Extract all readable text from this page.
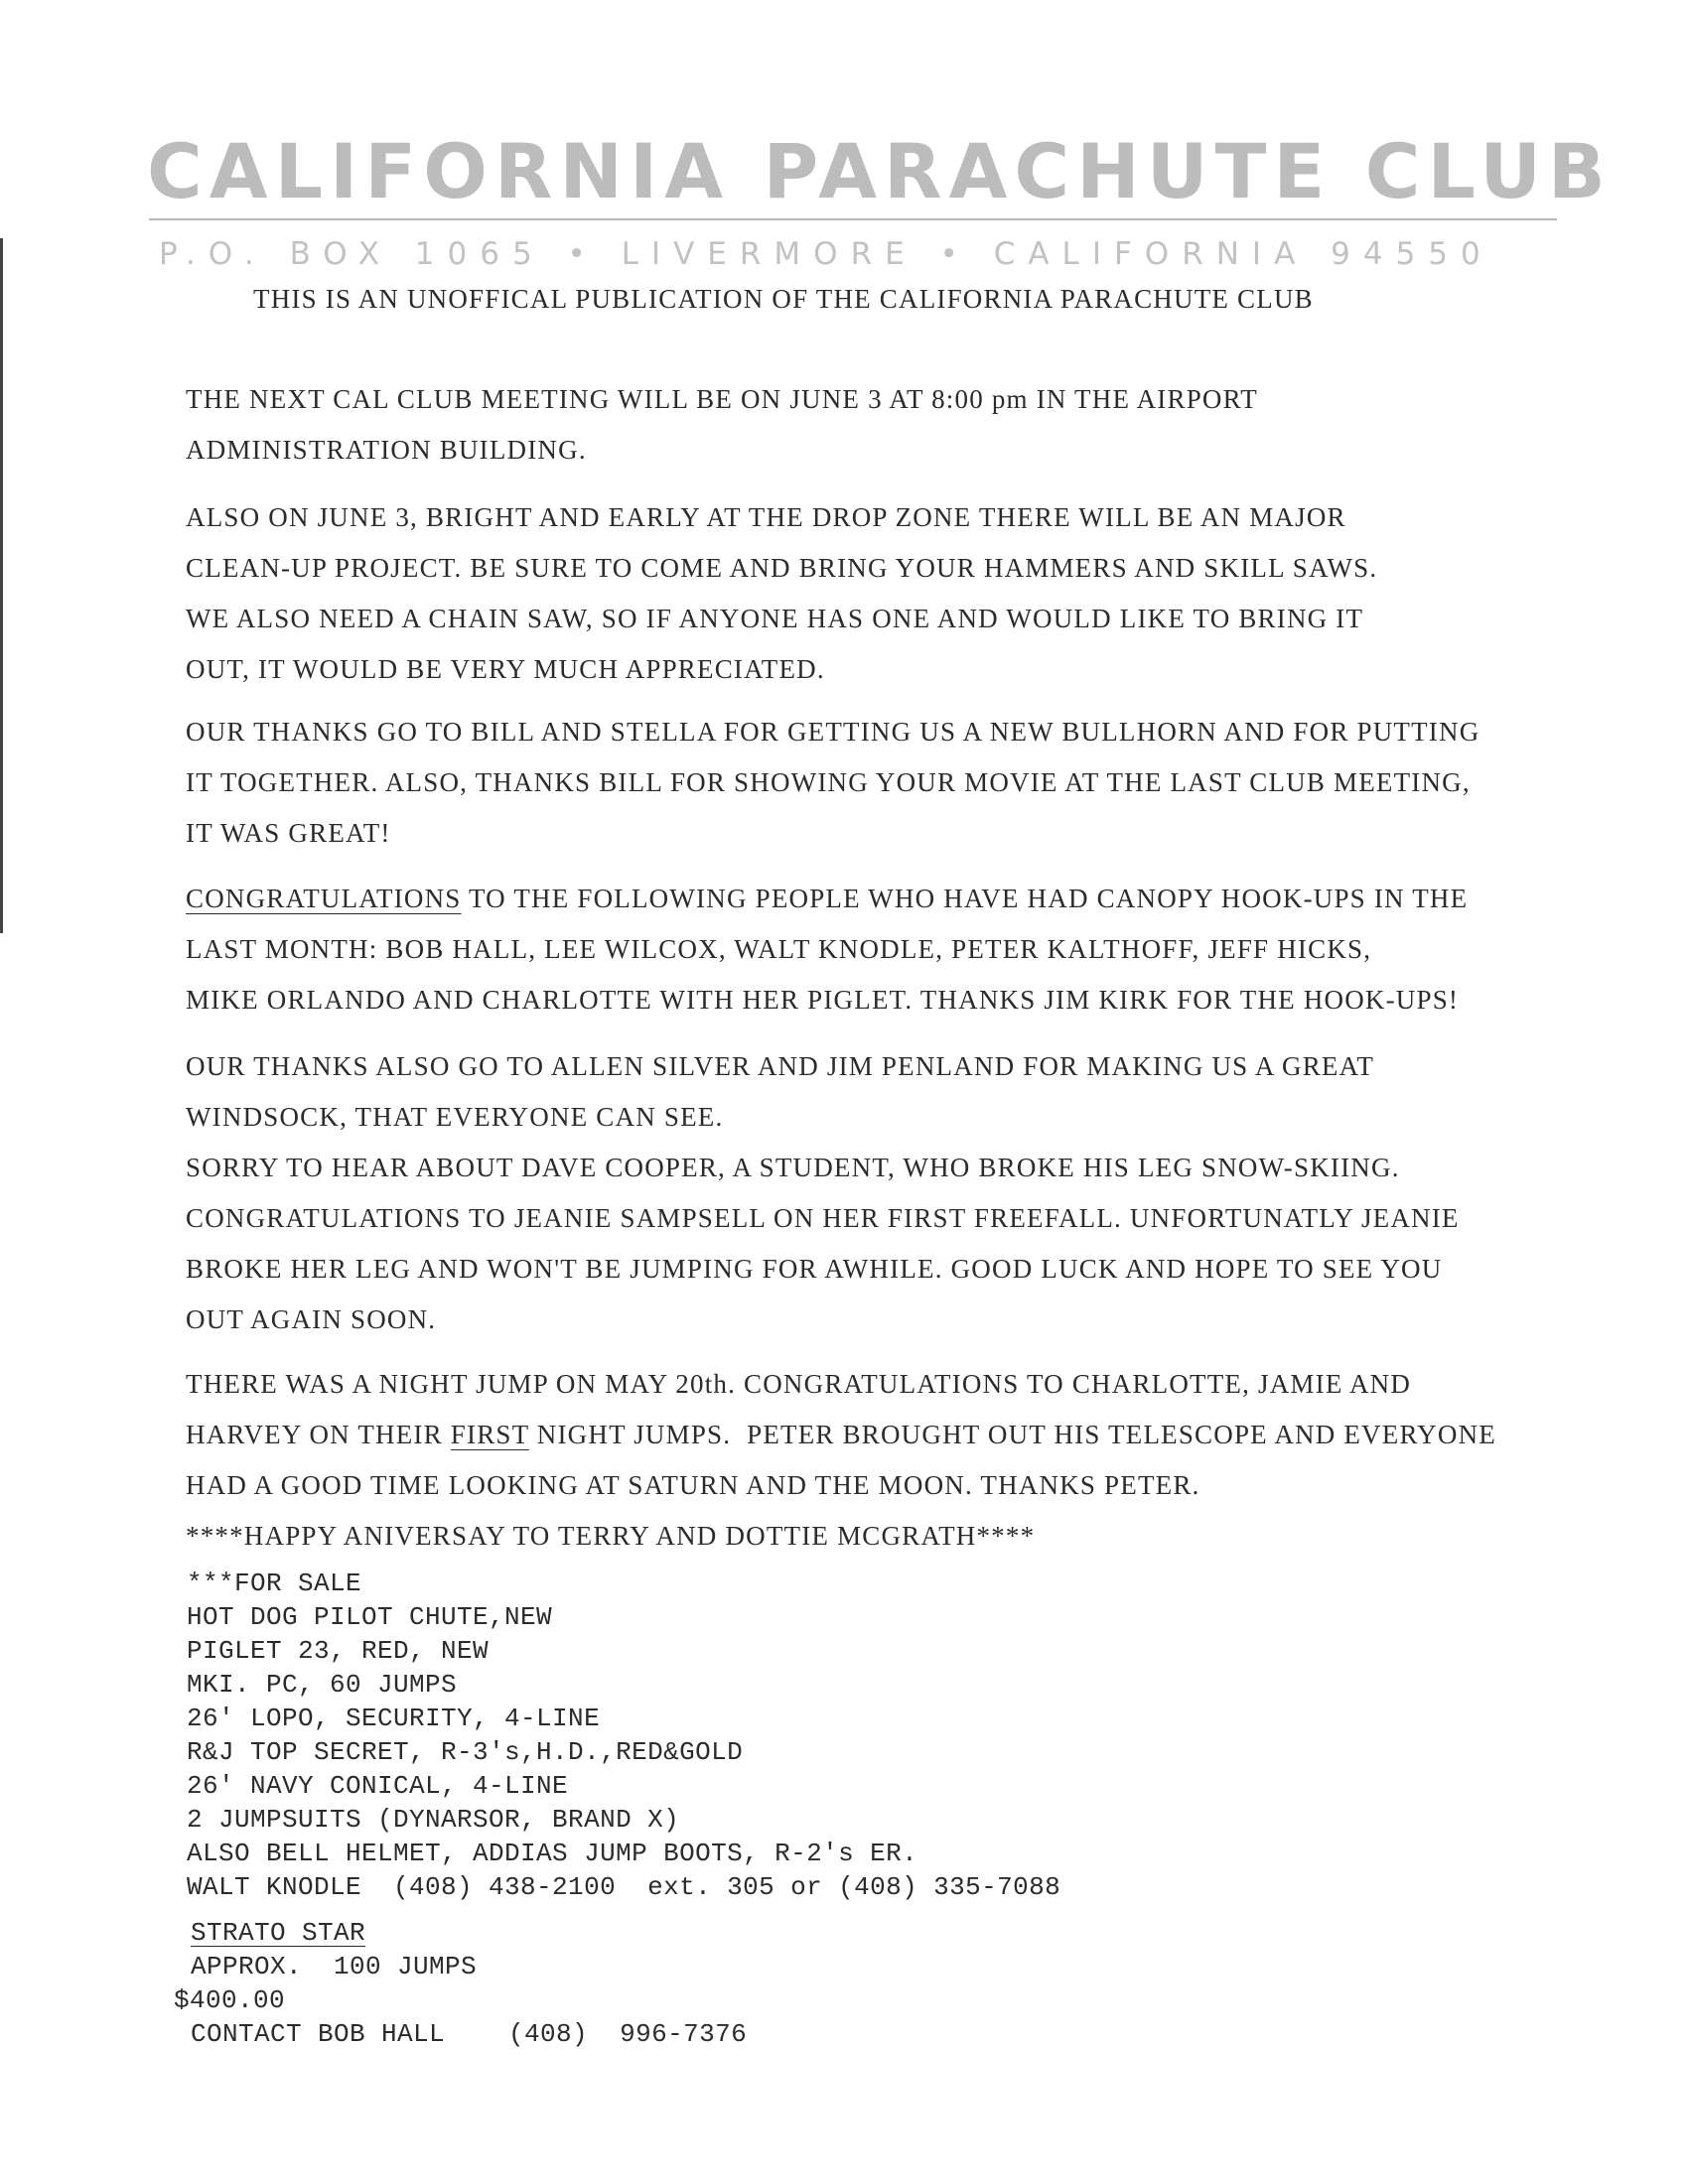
CALIFORNIA PARACHUTE CLUB
P.O. BOX 1065 • LIVERMORE • CALIFORNIA 94550
THIS IS AN UNOFFICAL PUBLICATION OF THE CALIFORNIA PARACHUTE CLUB
THE NEXT CAL CLUB MEETING WILL BE ON JUNE 3 AT 8:00 pm IN THE AIRPORT
ADMINISTRATION BUILDING.
ALSO ON JUNE 3, BRIGHT AND EARLY AT THE DROP ZONE THERE WILL BE AN MAJOR
CLEAN-UP PROJECT. BE SURE TO COME AND BRING YOUR HAMMERS AND SKILL SAWS.
WE ALSO NEED A CHAIN SAW, SO IF ANYONE HAS ONE AND WOULD LIKE TO BRING IT
OUT, IT WOULD BE VERY MUCH APPRECIATED.
OUR THANKS GO TO BILL AND STELLA FOR GETTING US A NEW BULLHORN AND FOR PUTTING
IT TOGETHER. ALSO, THANKS BILL FOR SHOWING YOUR MOVIE AT THE LAST CLUB MEETING,
IT WAS GREAT!
CONGRATULATIONS TO THE FOLLOWING PEOPLE WHO HAVE HAD CANOPY HOOK-UPS IN THE
LAST MONTH: BOB HALL, LEE WILCOX, WALT KNODLE, PETER KALTHOFF, JEFF HICKS,
MIKE ORLANDO AND CHARLOTTE WITH HER PIGLET. THANKS JIM KIRK FOR THE HOOK-UPS!
OUR THANKS ALSO GO TO ALLEN SILVER AND JIM PENLAND FOR MAKING US A GREAT
WINDSOCK, THAT EVERYONE CAN SEE.
SORRY TO HEAR ABOUT DAVE COOPER, A STUDENT, WHO BROKE HIS LEG SNOW-SKIING.
CONGRATULATIONS TO JEANIE SAMPSELL ON HER FIRST FREEFALL. UNFORTUNATLY JEANIE
BROKE HER LEG AND WON'T BE JUMPING FOR AWHILE. GOOD LUCK AND HOPE TO SEE YOU
OUT AGAIN SOON.
THERE WAS A NIGHT JUMP ON MAY 20th. CONGRATULATIONS TO CHARLOTTE, JAMIE AND
HARVEY ON THEIR FIRST NIGHT JUMPS.  PETER BROUGHT OUT HIS TELESCOPE AND EVERYONE
HAD A GOOD TIME LOOKING AT SATURN AND THE MOON. THANKS PETER.
****HAPPY ANIVERSAY TO TERRY AND DOTTIE MCGRATH****
***FOR SALE
HOT DOG PILOT CHUTE,NEW
PIGLET 23, RED, NEW
MKI. PC, 60 JUMPS
26' LOPO, SECURITY, 4-LINE
R&J TOP SECRET, R-3's,H.D.,RED&GOLD
26' NAVY CONICAL, 4-LINE
2 JUMPSUITS (DYNARSOR, BRAND X)
ALSO BELL HELMET, ADDIAS JUMP BOOTS, R-2's ER.
WALT KNODLE  (408) 438-2100  ext. 305 or (408) 335-7088
STRATO STAR
APPROX.  100 JUMPS
$400.00
CONTACT BOB HALL    (408)  996-7376
